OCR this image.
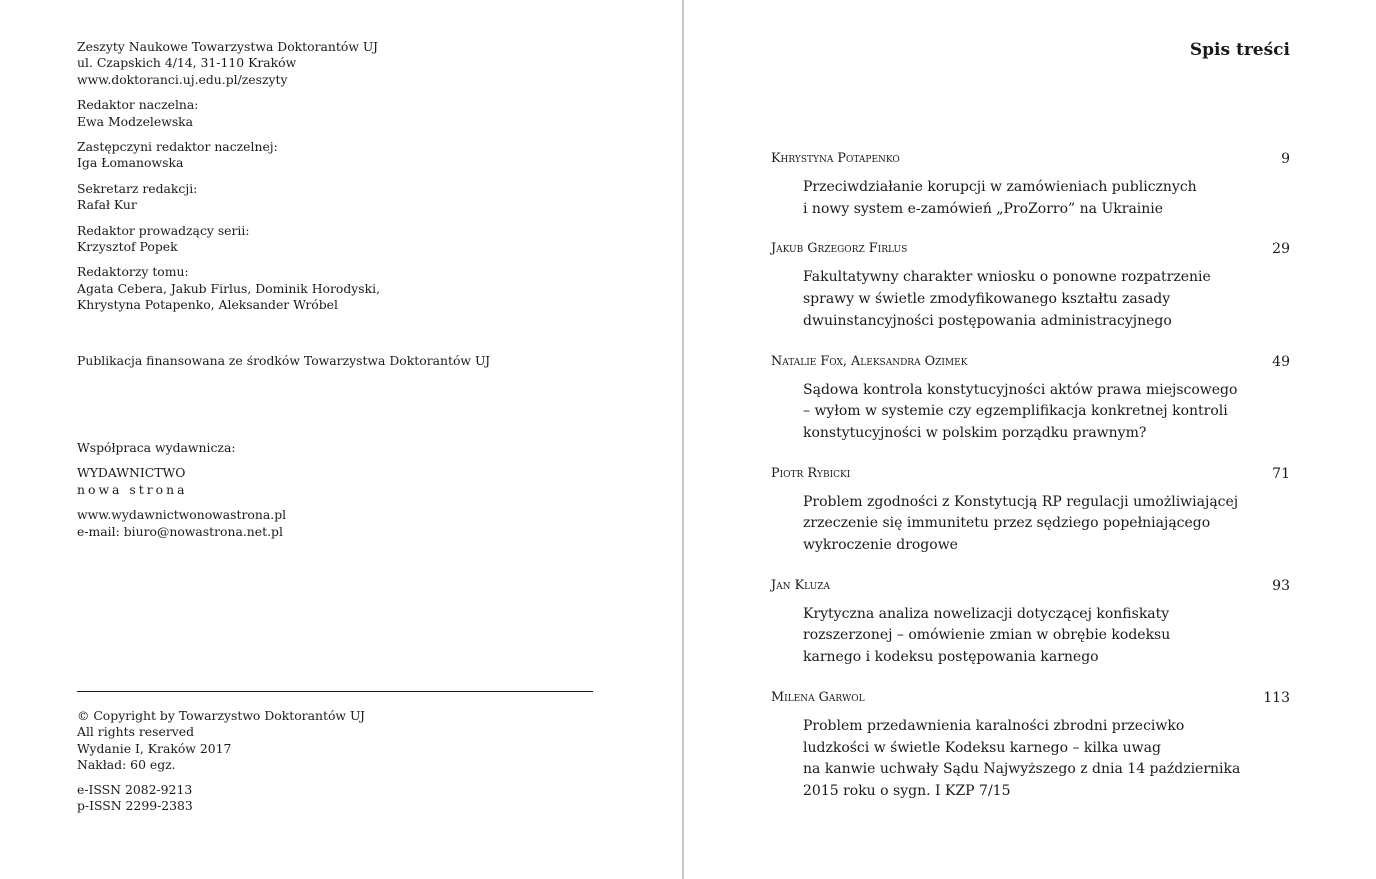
Zeszyty Naukowe Towarzystwa Doktorantów UJ
ul. Czapskich 4/14, 31-110 Kraków
www.doktoranci.uj.edu.pl/zeszyty
Redaktor naczelna:
Ewa Modzelewska
Zastępczyni redaktor naczelnej:
Iga Łomanowska
Sekretarz redakcji:
Rafał Kur
Redaktor prowadzący serii:
Krzysztof Popek
Redaktorzy tomu:
Agata Cebera, Jakub Firlus, Dominik Horodyski,
Khrystyna Potapenko, Aleksander Wróbel
Publikacja finansowana ze środków Towarzystwa Doktorantów UJ
Współpraca wydawnicza:
WYDAWNICTWO
nowa strona
www.wydawnictwonowastrona.pl
e-mail: biuro@nowastrona.net.pl
© Copyright by Towarzystwo Doktorantów UJ
All rights reserved
Wydanie I, Kraków 2017
Nakład: 60 egz.
e-ISSN 2082-9213
p-ISSN 2299-2383
Spis treści
Khrystyna Potapenko	9
Przeciwdziałanie korupcji w zamówieniach publicznych
i nowy system e-zamówień „ProZorro” na Ukrainie
Jakub Grzegorz Firlus	29
Fakultatywny charakter wniosku o ponowne rozpatrzenie
sprawy w świetle zmodyfikowanego kształtu zasady
dwuinstancyjności postępowania administracyjnego
Natalie Fox, Aleksandra Ozimek	49
Sądowa kontrola konstytucyjności aktów prawa miejscowego
– wyłom w systemie czy egzemplifikacja konkretnej kontroli
konstytucyjności w polskim porządku prawnym?
Piotr Rybicki	71
Problem zgodności z Konstytucją RP regulacji umożliwiającej
zrzeczenie się immunitetu przez sędziego popełniającego
wykroczenie drogowe
Jan Kluza	93
Krytyczna analiza nowelizacji dotyczącej konfiskaty
rozszerzonej – omówienie zmian w obrębie kodeksu
karnego i kodeksu postępowania karnego
Milena Garwol	113
Problem przedawnienia karalności zbrodni przeciwko
ludzkości w świetle Kodeksu karnego – kilka uwag
na kanwie uchwały Sądu Najwyższego z dnia 14 października
2015 roku o sygn. I KZP 7/15
